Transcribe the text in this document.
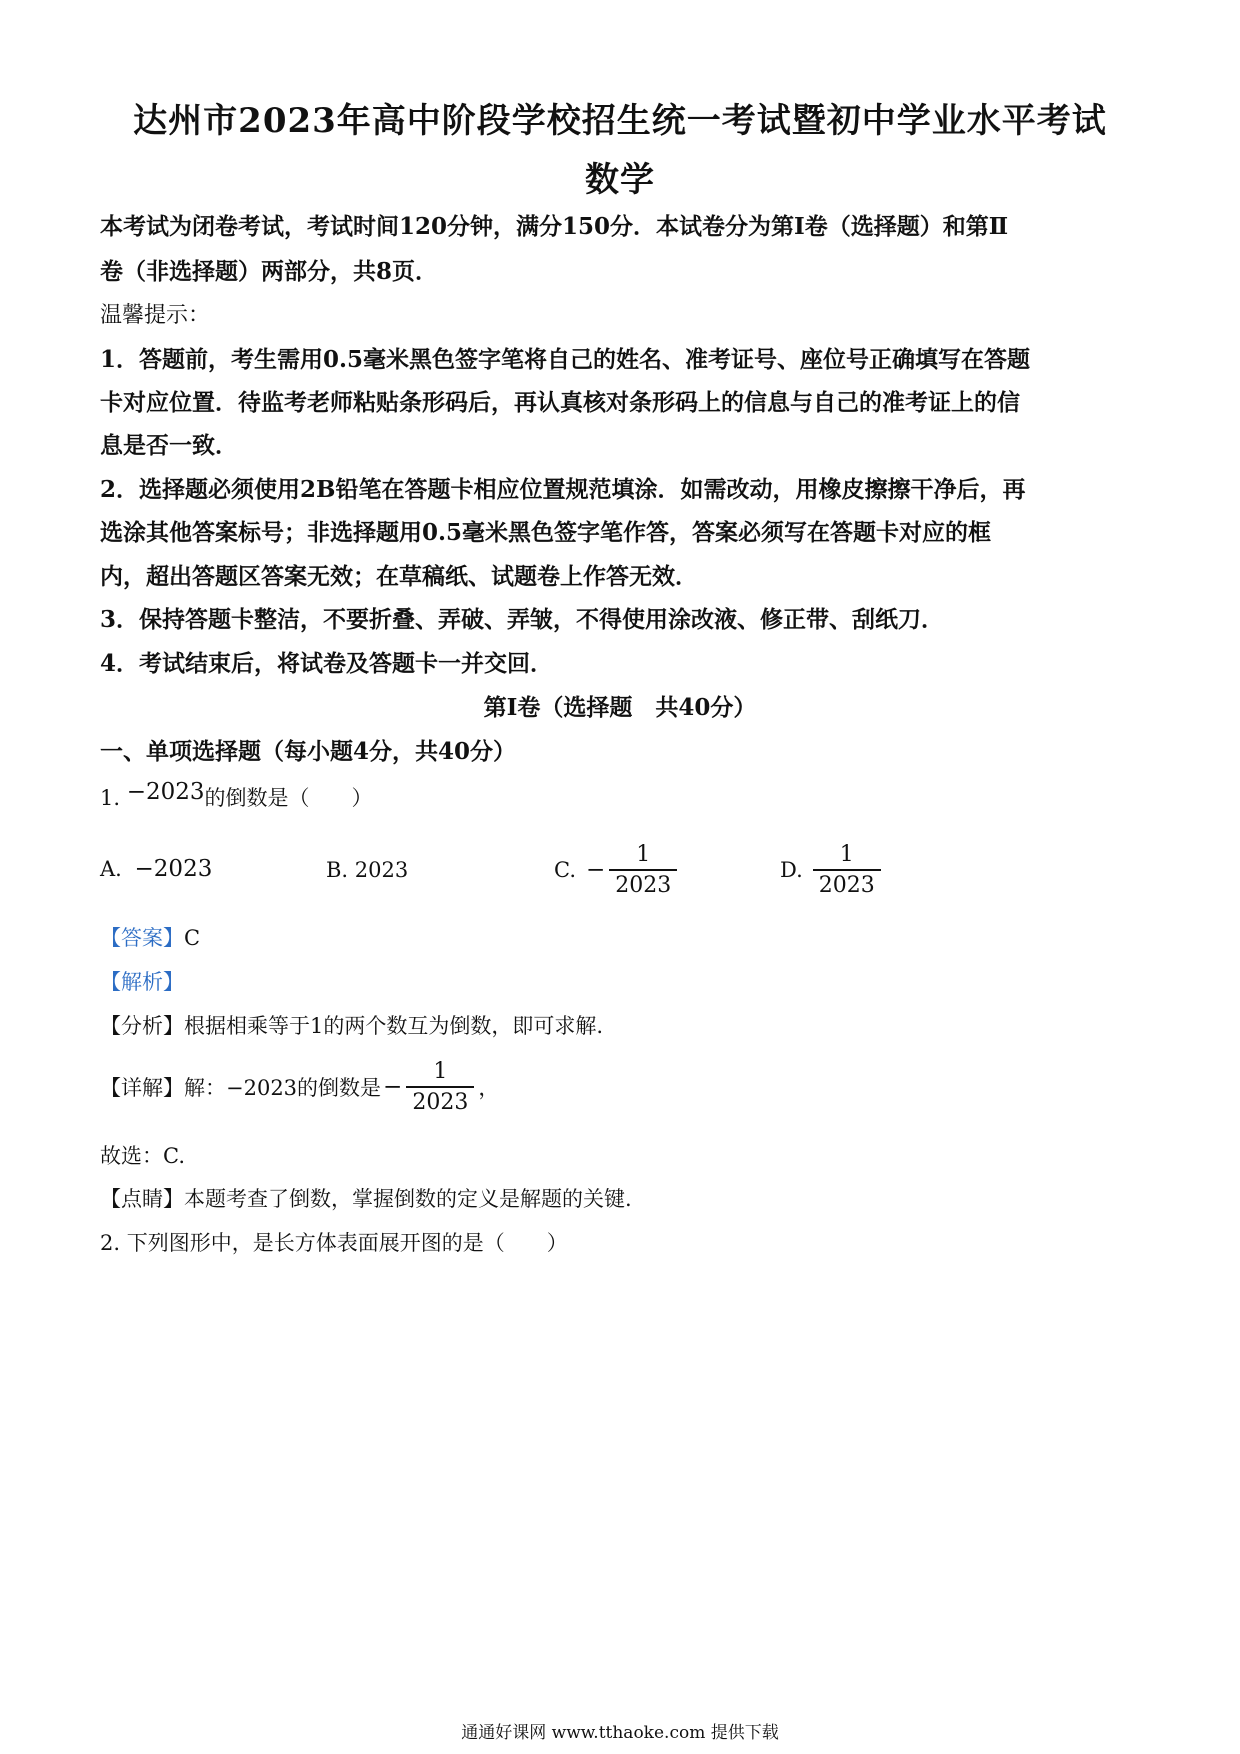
达州市2023年高中阶段学校招生统一考试暨初中学业水平考试
数学
本考试为闭卷考试，考试时间120分钟，满分150分．本试卷分为第Ⅰ卷（选择题）和第Ⅱ
卷（非选择题）两部分，共8页．
温馨提示：
1．答题前，考生需用0.5毫米黑色签字笔将自己的姓名、准考证号、座位号正确填写在答题
卡对应位置．待监考老师粘贴条形码后，再认真核对条形码上的信息与自己的准考证上的信
息是否一致．
2．选择题必须使用2B铅笔在答题卡相应位置规范填涂．如需改动，用橡皮擦擦干净后，再
选涂其他答案标号；非选择题用0.5毫米黑色签字笔作答，答案必须写在答题卡对应的框
内，超出答题区答案无效；在草稿纸、试题卷上作答无效．
3．保持答题卡整洁，不要折叠、弄破、弄皱，不得使用涂改液、修正带、刮纸刀．
4．考试结束后，将试卷及答题卡一并交回．
第Ⅰ卷（选择题　共40分）
一、单项选择题（每小题4分，共40分）
1. −2023的倒数是（　　）
A. −2023	B. 2023	C. − $\frac{1}{2023}$	D. $\frac{1}{2023}$
【答案】C
【解析】
【分析】根据相乘等于1的两个数互为倒数，即可求解.
【详解】 解：−2023的倒数是 − $\frac{1}{2023}$ ，
故选：C.
【点睛】本题考查了倒数，掌握倒数的定义是解题的关键.
2. 下列图形中，是长方体表面展开图的是（　　）
通通好课网 www.tthaoke.com 提供下载
